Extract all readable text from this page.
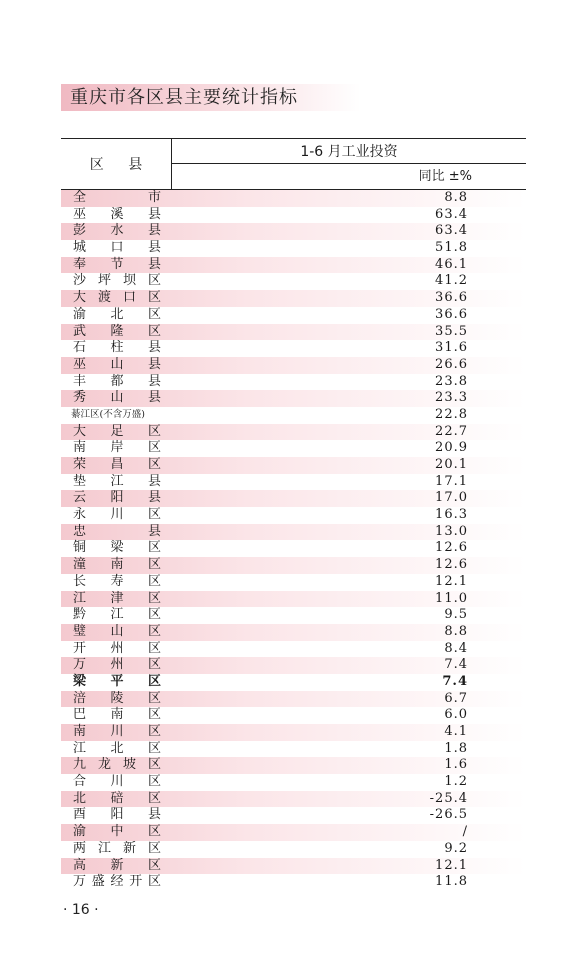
重庆市各区县主要统计指标
区 县
1-6 月工业投资
同比 ±%
全	市	8.8
巫 溪 县	63.4
彭 水 县	63.4
城 口 县	51.8
奉 节 县	46.1
沙 坪 坝 区	41.2
大 渡 口 区	36.6
渝 北 区	36.6
武 隆 区	35.5
石 柱 县	31.6
巫 山 县	26.6
丰 都 县	23.8
秀 山 县	23.3
綦江区(不含万盛)	22.8
大 足 区	22.7
南 岸 区	20.9
荣 昌 区	20.1
垫 江 县	17.1
云 阳 县	17.0
永 川 区	16.3
忠	县	13.0
铜 梁 区	12.6
潼 南 区	12.6
长 寿 区	12.1
江 津 区	11.0
黔 江 区	9.5
璧 山 区	8.8
开 州 区	8.4
万 州 区	7.4
梁 平 区	7.4
涪 陵 区	6.7
巴 南 区	6.0
南 川 区	4.1
江 北 区	1.8
九 龙 坡 区	1.6
合 川 区	1.2
北 碚 区	-25.4
酉 阳 县	-26.5
渝 中 区	/
两 江 新 区	9.2
高 新 区	12.1
万 盛 经 开 区	11.8
· 16 ·
